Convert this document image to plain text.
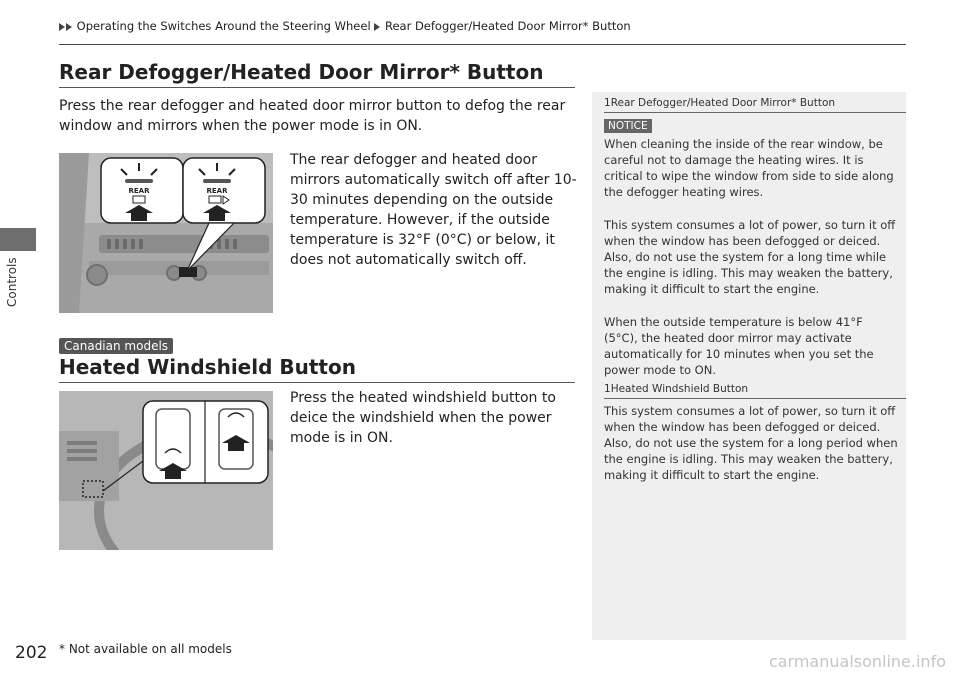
Controls
Operating the Switches Around the Steering Wheel Rear Defogger/Heated Door Mirror* Button
Rear Defogger/Heated Door Mirror* Button
Press the rear defogger and heated door mirror button to defog the rear window and mirrors when the power mode is in ON.
REAR	REAR
The rear defogger and heated door mirrors automatically switch off after 10-30 minutes depending on the outside temperature. However, if the outside temperature is 32°F (0°C) or below, it does not automatically switch off.
Canadian models
Heated Windshield Button
Press the heated windshield button to deice the windshield when the power mode is in ON.
1Rear Defogger/Heated Door Mirror* Button
NOTICE
When cleaning the inside of the rear window, be careful not to damage the heating wires. It is critical to wipe the window from side to side along the defogger heating wires.
This system consumes a lot of power, so turn it off when the window has been defogged or deiced. Also, do not use the system for a long time while the engine is idling. This may weaken the battery, making it difficult to start the engine.
When the outside temperature is below 41°F (5°C), the heated door mirror may activate automatically for 10 minutes when you set the power mode to ON.
1Heated Windshield Button
This system consumes a lot of power, so turn it off when the window has been defogged or deiced. Also, do not use the system for a long period when the engine is idling. This may weaken the battery, making it difficult to start the engine.
202 * Not available on all models
carmanualsonline.info
